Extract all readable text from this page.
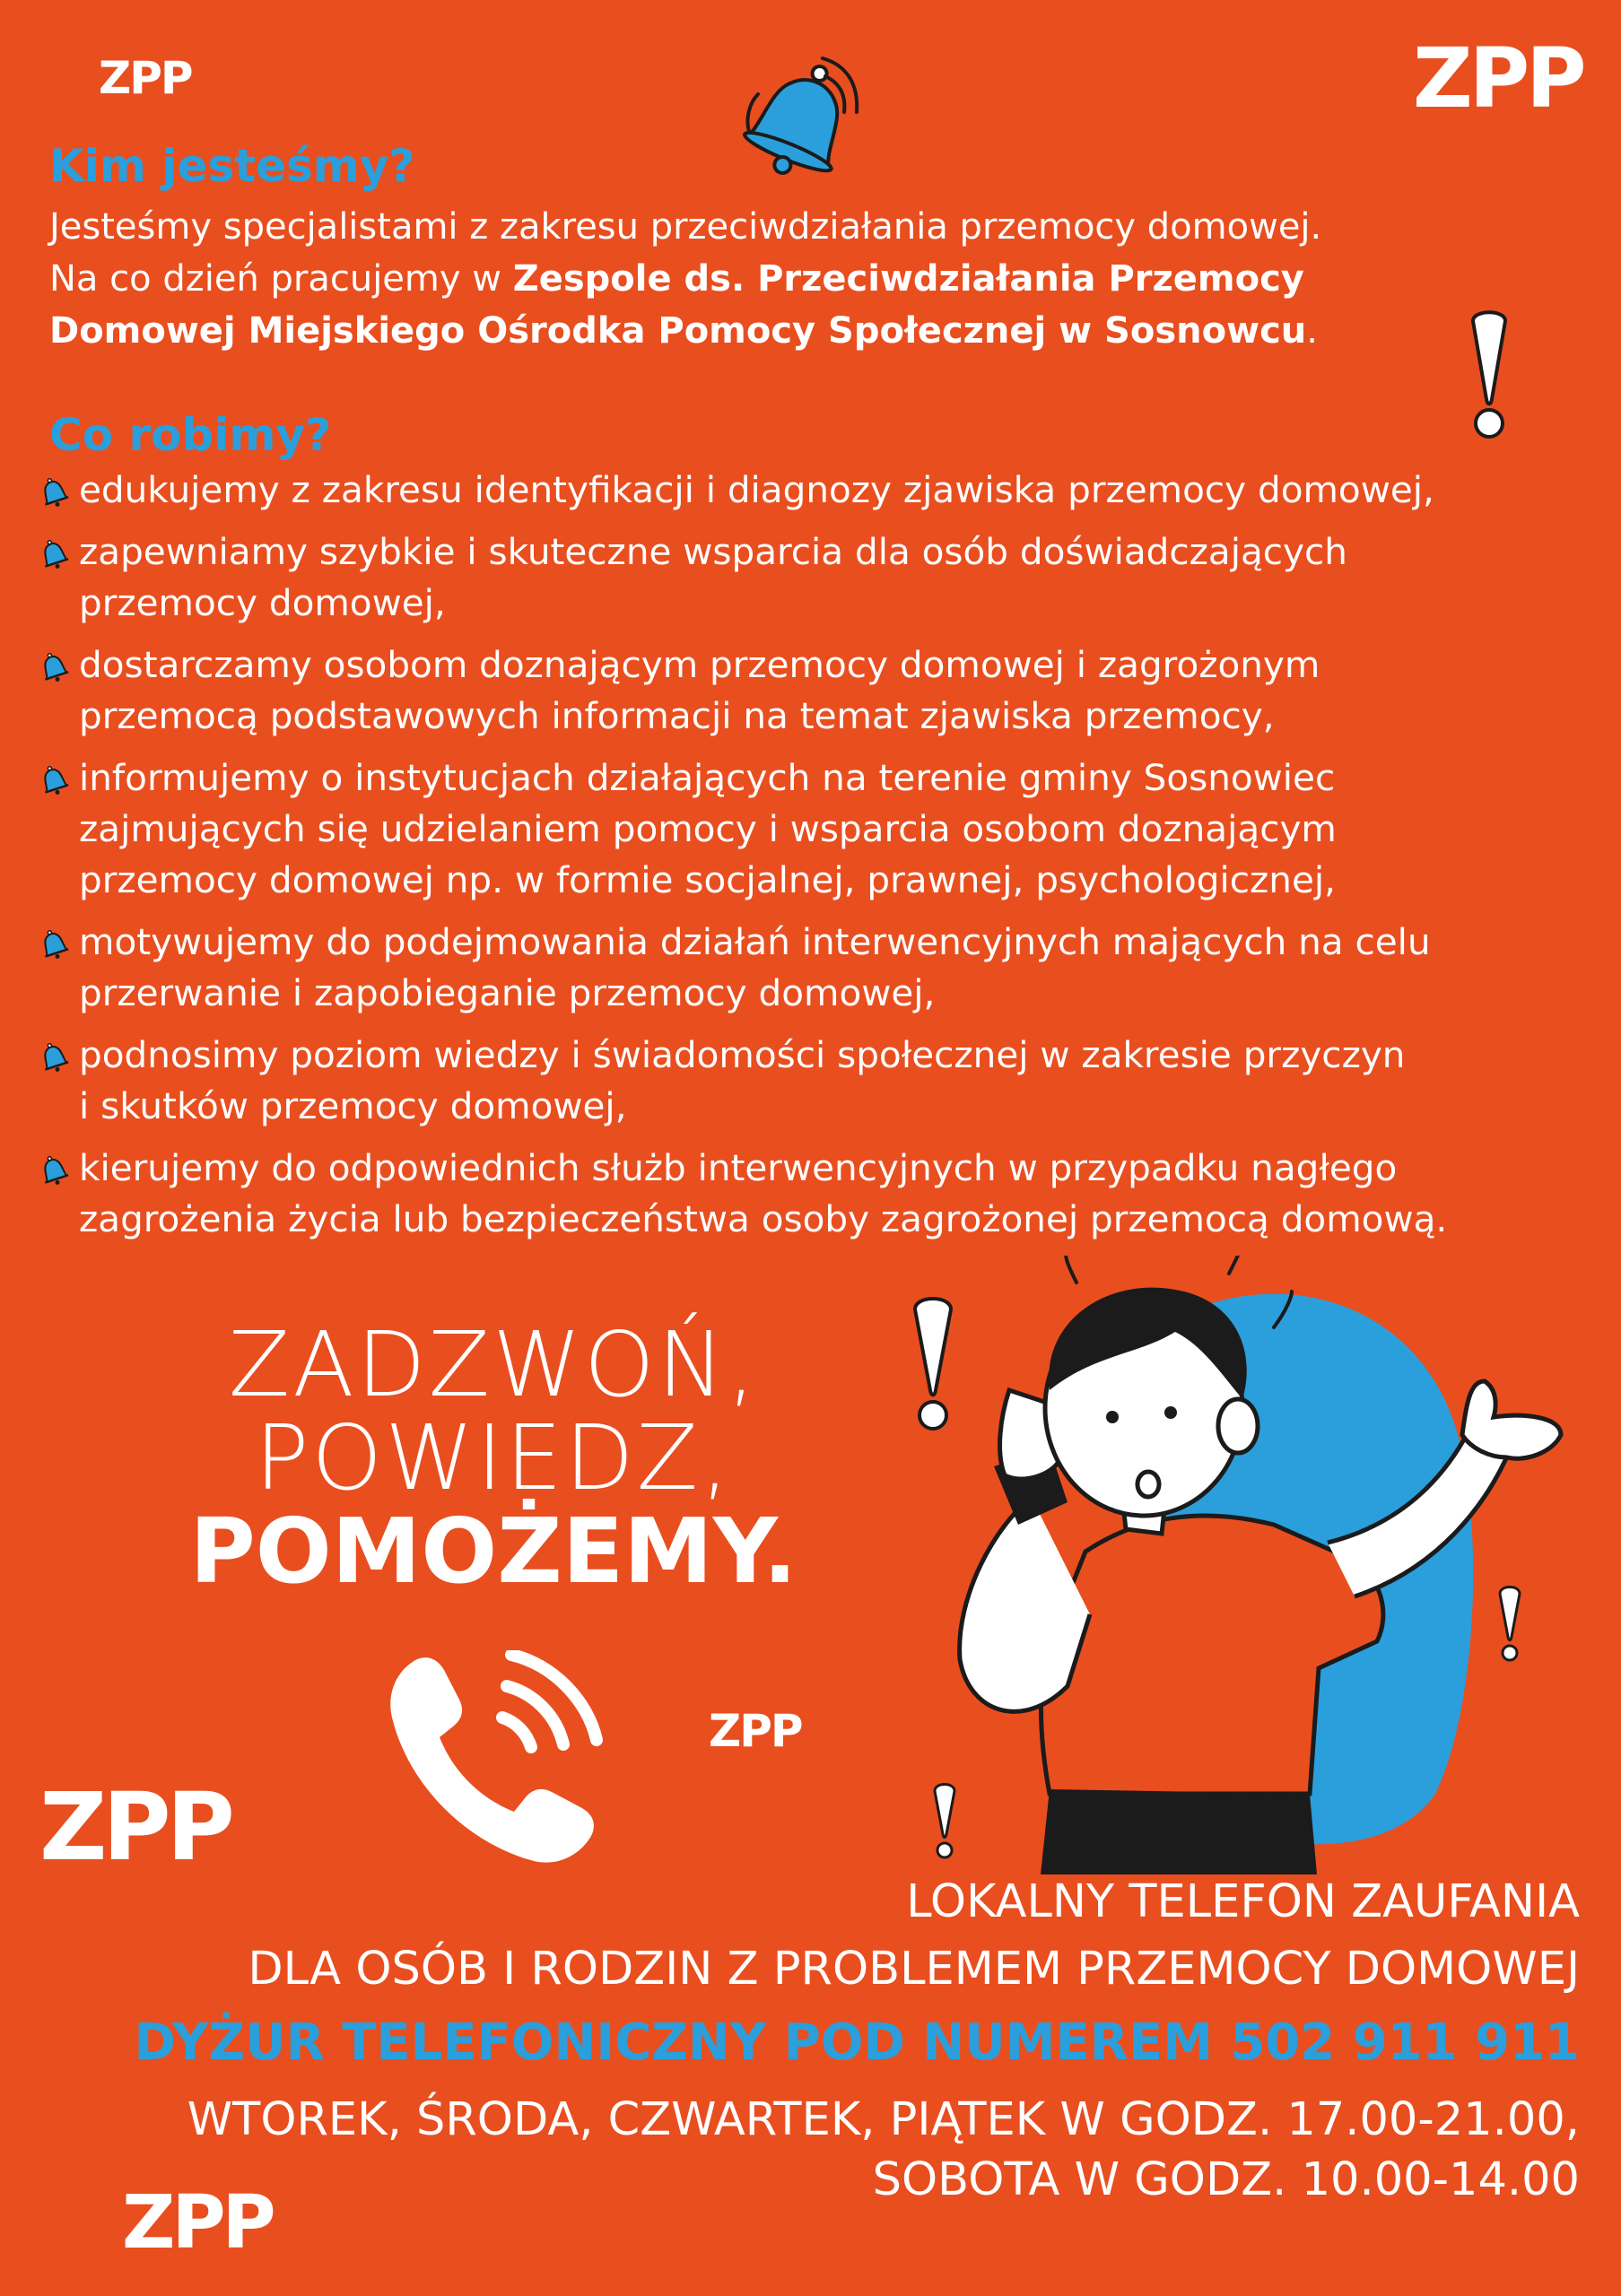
ZPP	ZPP
ZPP
ZPP
ZPP
Kim jesteśmy?
Jesteśmy specjalistami z zakresu przeciwdziałania przemocy domowej.
Na co dzień pracujemy w Zespole ds. Przeciwdziałania Przemocy
Domowej Miejskiego Ośrodka Pomocy Społecznej w Sosnowcu.
Co robimy?
edukujemy z zakresu identyfikacji i diagnozy zjawiska przemocy domowej,
zapewniamy szybkie i skuteczne wsparcia dla osób doświadczających
przemocy domowej,
dostarczamy osobom doznającym przemocy domowej i zagrożonym
przemocą podstawowych informacji na temat zjawiska przemocy,
informujemy o instytucjach działających na terenie gminy Sosnowiec
zajmujących się udzielaniem pomocy i wsparcia osobom doznającym
przemocy domowej np. w formie socjalnej, prawnej, psychologicznej,
motywujemy do podejmowania działań interwencyjnych mających na celu
przerwanie i zapobieganie przemocy domowej,
podnosimy poziom wiedzy i świadomości społecznej w zakresie przyczyn
i skutków przemocy domowej,
kierujemy do odpowiednich służb interwencyjnych w przypadku nagłego
zagrożenia życia lub bezpieczeństwa osoby zagrożonej przemocą domową.
ZADZWOŃ,
POWIEDZ,
POMOŻEMY.
LOKALNY TELEFON ZAUFANIA
DLA OSÓB I RODZIN Z PROBLEMEM PRZEMOCY DOMOWEJ
DYŻUR TELEFONICZNY POD NUMEREM 502 911 911
WTOREK, ŚRODA, CZWARTEK, PIĄTEK W GODZ. 17.00-21.00,
SOBOTA W GODZ. 10.00-14.00
